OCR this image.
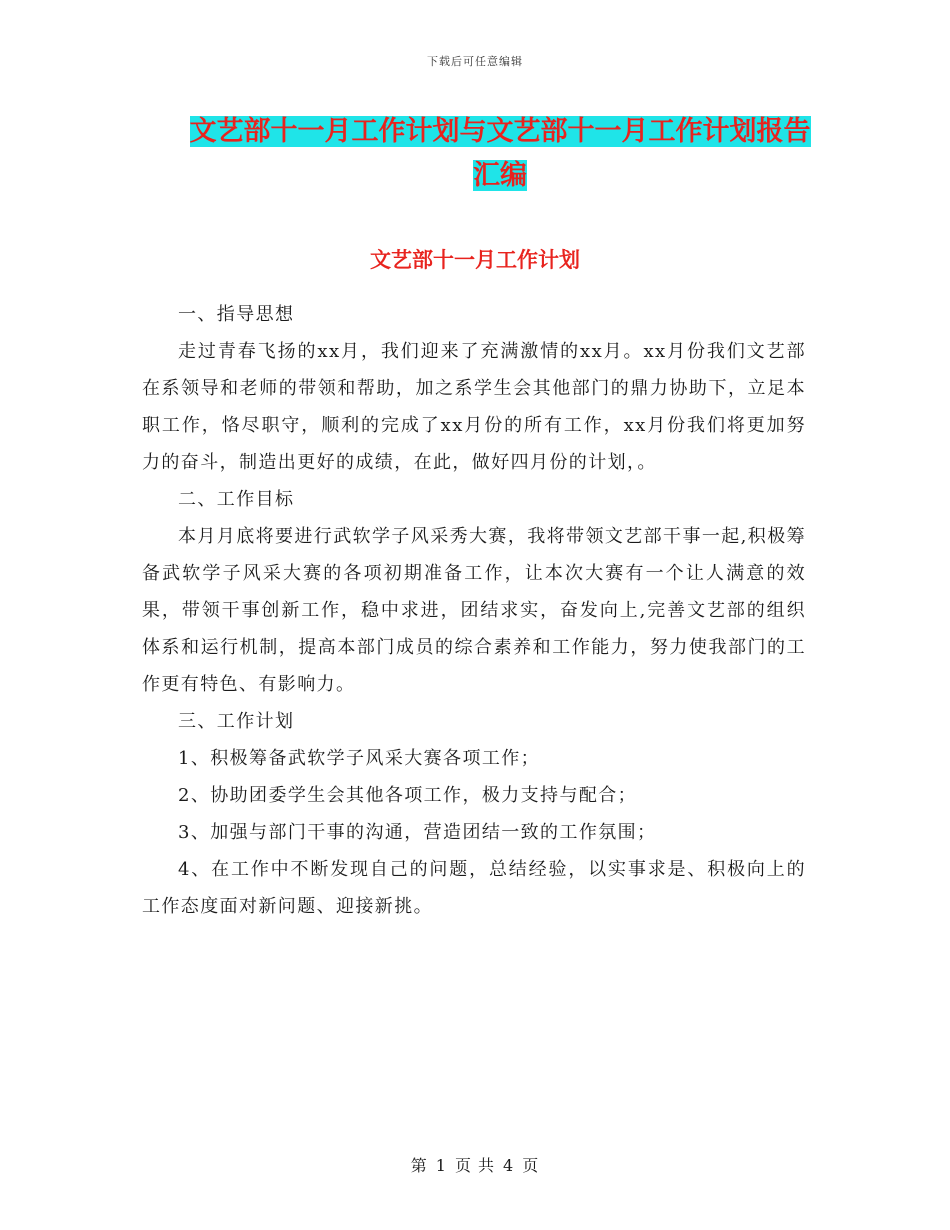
下载后可任意编辑
文艺部十一月工作计划与文艺部十一月工作计划报告
汇编
文艺部十一月工作计划

一、指导思想

走过青春飞扬的xx月，我们迎来了充满激情的xx月。xx月份我们文艺部在系领导和老师的带领和帮助，加之系学生会其他部门的鼎力协助下，立足本职工作，恪尽职守，顺利的完成了xx月份的所有工作，xx月份我们将更加努力的奋斗，制造出更好的成绩，在此，做好四月份的计划，。

二、工作目标

本月月底将要进行武软学子风采秀大赛，我将带领文艺部干事一起,积极筹备武软学子风采大赛的各项初期准备工作，让本次大赛有一个让人满意的效果，带领干事创新工作，稳中求进，团结求实，奋发向上,完善文艺部的组织体系和运行机制，提高本部门成员的综合素养和工作能力，努力使我部门的工作更有特色、有影响力。

三、工作计划

1、积极筹备武软学子风采大赛各项工作；

2、协助团委学生会其他各项工作，极力支持与配合；

3、加强与部门干事的沟通，营造团结一致的工作氛围；

4、在工作中不断发现自己的问题，总结经验，以实事求是、积极向上的工作态度面对新问题、迎接新挑。

第 1 页 共 4 页
